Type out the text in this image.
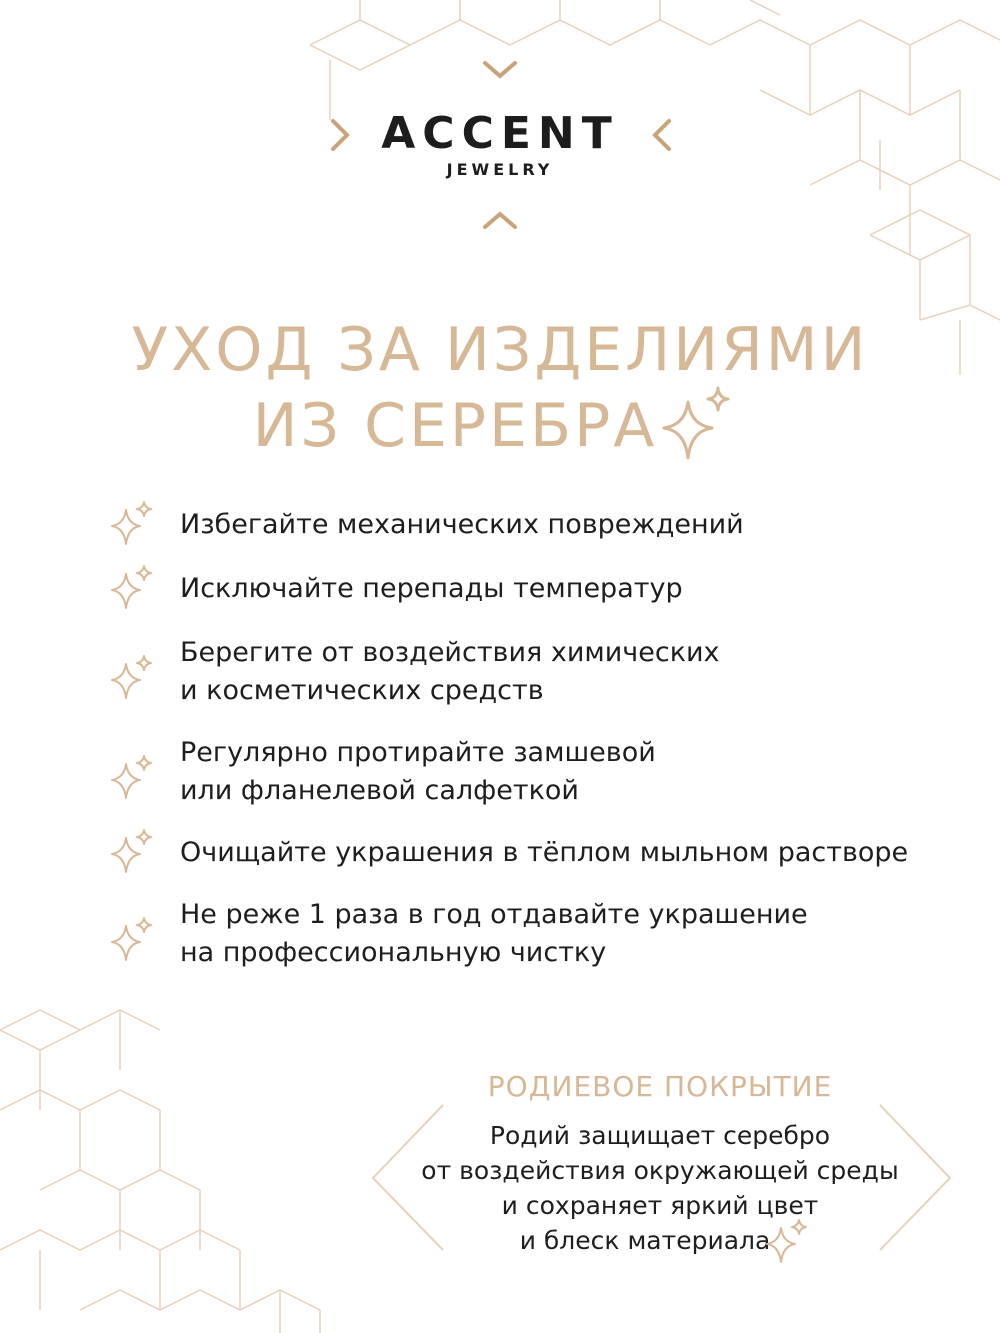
ACCENT
JEWELRY
УХОД ЗА ИЗДЕЛИЯМИ
ИЗ СЕРЕБРА
Избегайте механических повреждений
Исключайте перепады температур
Берегите от воздействия химических
и косметических средств
Регулярно протирайте замшевой
или фланелевой салфеткой
Очищайте украшения в тёплом мыльном растворе
Не реже 1 раза в год отдавайте украшение
на профессиональную чистку
РОДИЕВОЕ ПОКРЫТИЕ
Родий защищает серебро
от воздействия окружающей среды
и сохраняет яркий цвет
и блеск материала
